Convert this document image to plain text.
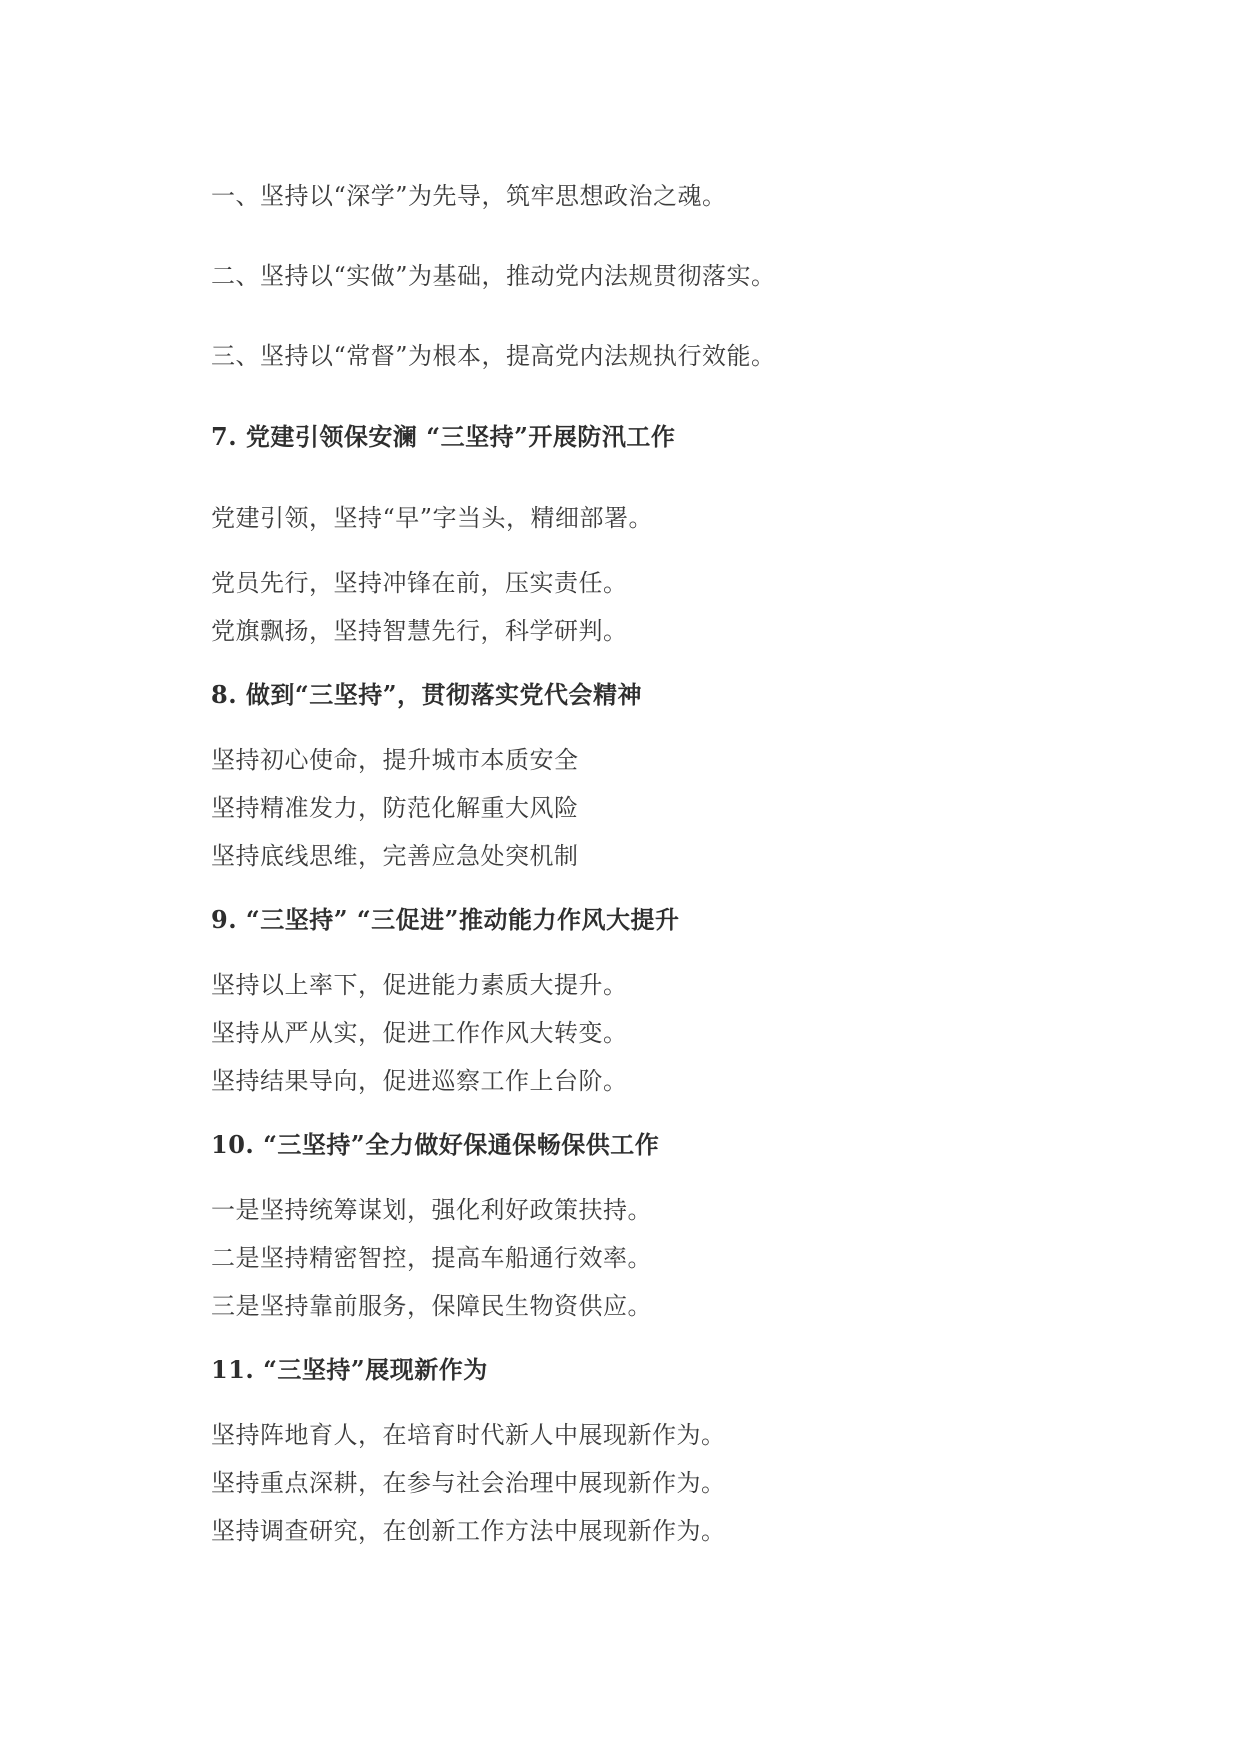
一、坚持以“深学”为先导，筑牢思想政治之魂。

二、坚持以“实做”为基础，推动党内法规贯彻落实。

三、坚持以“常督”为根本，提高党内法规执行效能。

7. 党建引领保安澜 “三坚持”开展防汛工作

党建引领，坚持“早”字当头，精细部署。

党员先行，坚持冲锋在前，压实责任。

党旗飘扬，坚持智慧先行，科学研判。

8. 做到“三坚持”，贯彻落实党代会精神

坚持初心使命，提升城市本质安全

坚持精准发力，防范化解重大风险

坚持底线思维，完善应急处突机制

9. “三坚持” “三促进”推动能力作风大提升

坚持以上率下，促进能力素质大提升。

坚持从严从实，促进工作作风大转变。

坚持结果导向，促进巡察工作上台阶。

10. “三坚持”全力做好保通保畅保供工作

一是坚持统筹谋划，强化利好政策扶持。

二是坚持精密智控，提高车船通行效率。

三是坚持靠前服务，保障民生物资供应。

11. “三坚持”展现新作为

坚持阵地育人，在培育时代新人中展现新作为。

坚持重点深耕，在参与社会治理中展现新作为。

坚持调查研究，在创新工作方法中展现新作为。
